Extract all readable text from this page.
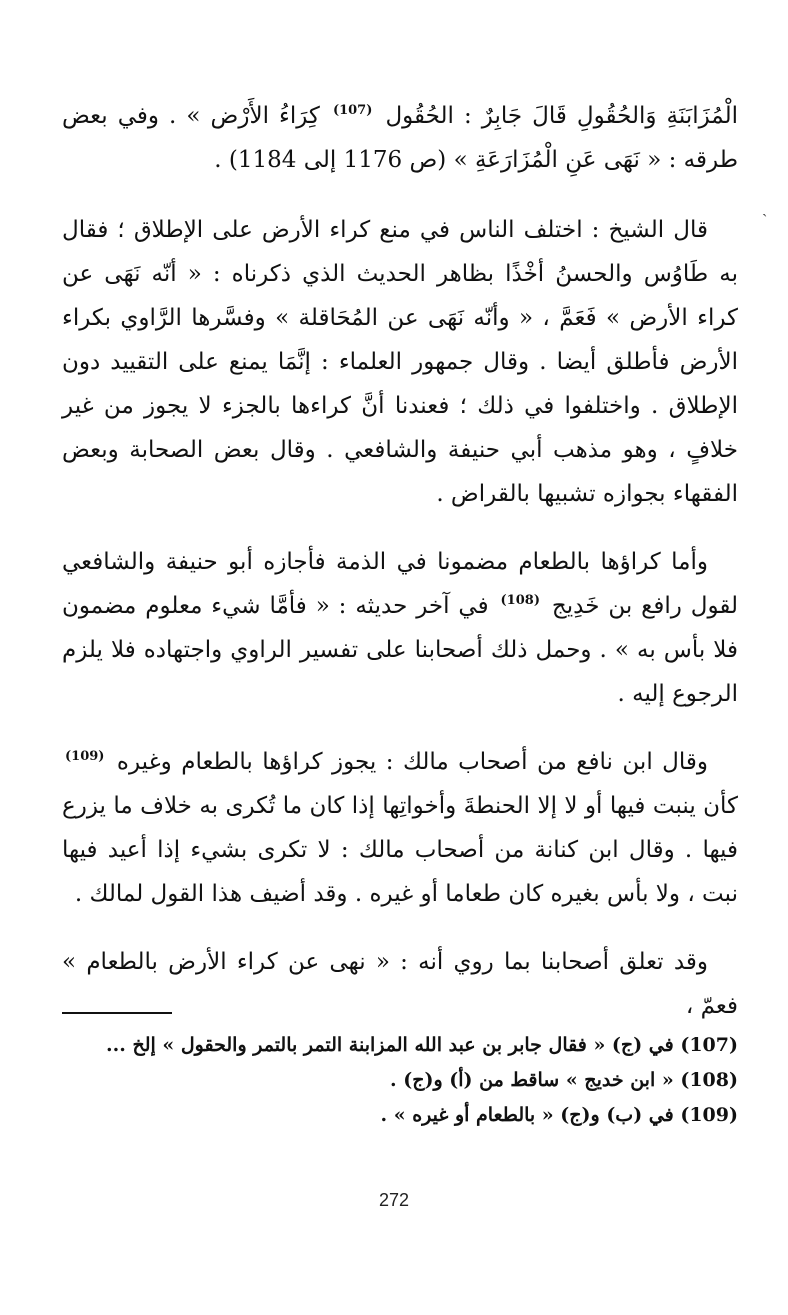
ˏ

الْمُزَابَنَةِ وَالحُقُولِ قَالَ جَابِرٌ : الحُقُول $^{(107)}$ كِرَاءُ الأَرْض » . وفي بعض طرقه : « نَهَى عَنِ الْمُزَارَعَةِ » (ص 1176 إلى 1184) .

قال الشيخ : اختلف الناس في منع كراء الأرض على الإطلاق ؛ فقال به طَاوُس والحسنُ أخْذًا بظاهر الحديث الذي ذكرناه : « أنّه نَهَى عن كراء الأرض » فَعَمَّ ، « وأنّه نَهَى عن المُحَاقلة » وفسَّرها الرَّاوي بكراء الأرض فأطلق أيضا . وقال جمهور العلماء : إنَّمَا يمنع على التقييد دون الإطلاق . واختلفوا في ذلك ؛ فعندنا أنَّ كراءها بالجزء لا يجوز من غير خلافٍ ، وهو مذهب أبي حنيفة والشافعي . وقال بعض الصحابة وبعض الفقهاء بجوازه تشبيها بالقراض .

وأما كراؤها بالطعام مضمونا في الذمة فأجازه أبو حنيفة والشافعي لقول رافع بن خَدِيج $^{(108)}$ في آخر حديثه : « فأمَّا شيء معلوم مضمون فلا بأس به » . وحمل ذلك أصحابنا على تفسير الراوي واجتهاده فلا يلزم الرجوع إليه .

وقال ابن نافع من أصحاب مالك : يجوز كراؤها بالطعام وغيره $^{(109)}$ كأن ينبت فيها أو لا إلا الحنطةَ وأخواتِها إذا كان ما تُكرى به خلاف ما يزرع فيها . وقال ابن كنانة من أصحاب مالك : لا تكرى بشيء إذا أعيد فيها نبت ، ولا بأس بغيره كان طعاما أو غيره . وقد أضيف هذا القول لمالك .

وقد تعلق أصحابنا بما روي أنه : « نهى عن كراء الأرض بالطعام » فعمّ ،

(107) في (ج) « فقال جابر بن عبد الله المزابنة التمر بالتمر والحقول » إلخ ...
(108) « ابن خديج » ساقط من (أ) و(ج) .
(109) في (ب) و(ج) « بالطعام أو غيره » .
272
